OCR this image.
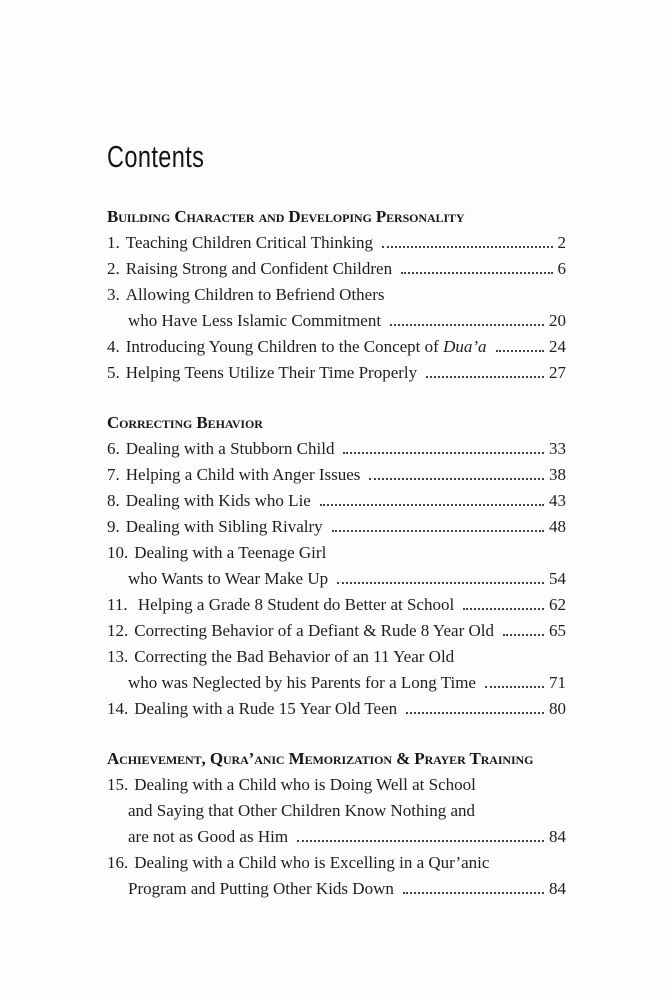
Contents
Building Character and Developing Personality
1. Teaching Children Critical Thinking	2
2. Raising Strong and Confident Children	6
3. Allowing Children to Befriend Others
who Have Less Islamic Commitment	20
4. Introducing Young Children to the Concept of Dua’a	24
5. Helping Teens Utilize Their Time Properly	27
Correcting Behavior
6. Dealing with a Stubborn Child	33
7. Helping a Child with Anger Issues	38
8. Dealing with Kids who Lie	43
9. Dealing with Sibling Rivalry	48
10. Dealing with a Teenage Girl
who Wants to Wear Make Up	54
11. Helping a Grade 8 Student do Better at School	62
12. Correcting Behavior of a Defiant & Rude 8 Year Old	65
13. Correcting the Bad Behavior of an 11 Year Old
who was Neglected by his Parents for a Long Time	71
14. Dealing with a Rude 15 Year Old Teen	80
Achievement, Qura’anic Memorization & Prayer Training
15. Dealing with a Child who is Doing Well at School
and Saying that Other Children Know Nothing and
are not as Good as Him	84
16. Dealing with a Child who is Excelling in a Qur’anic
Program and Putting Other Kids Down	84
